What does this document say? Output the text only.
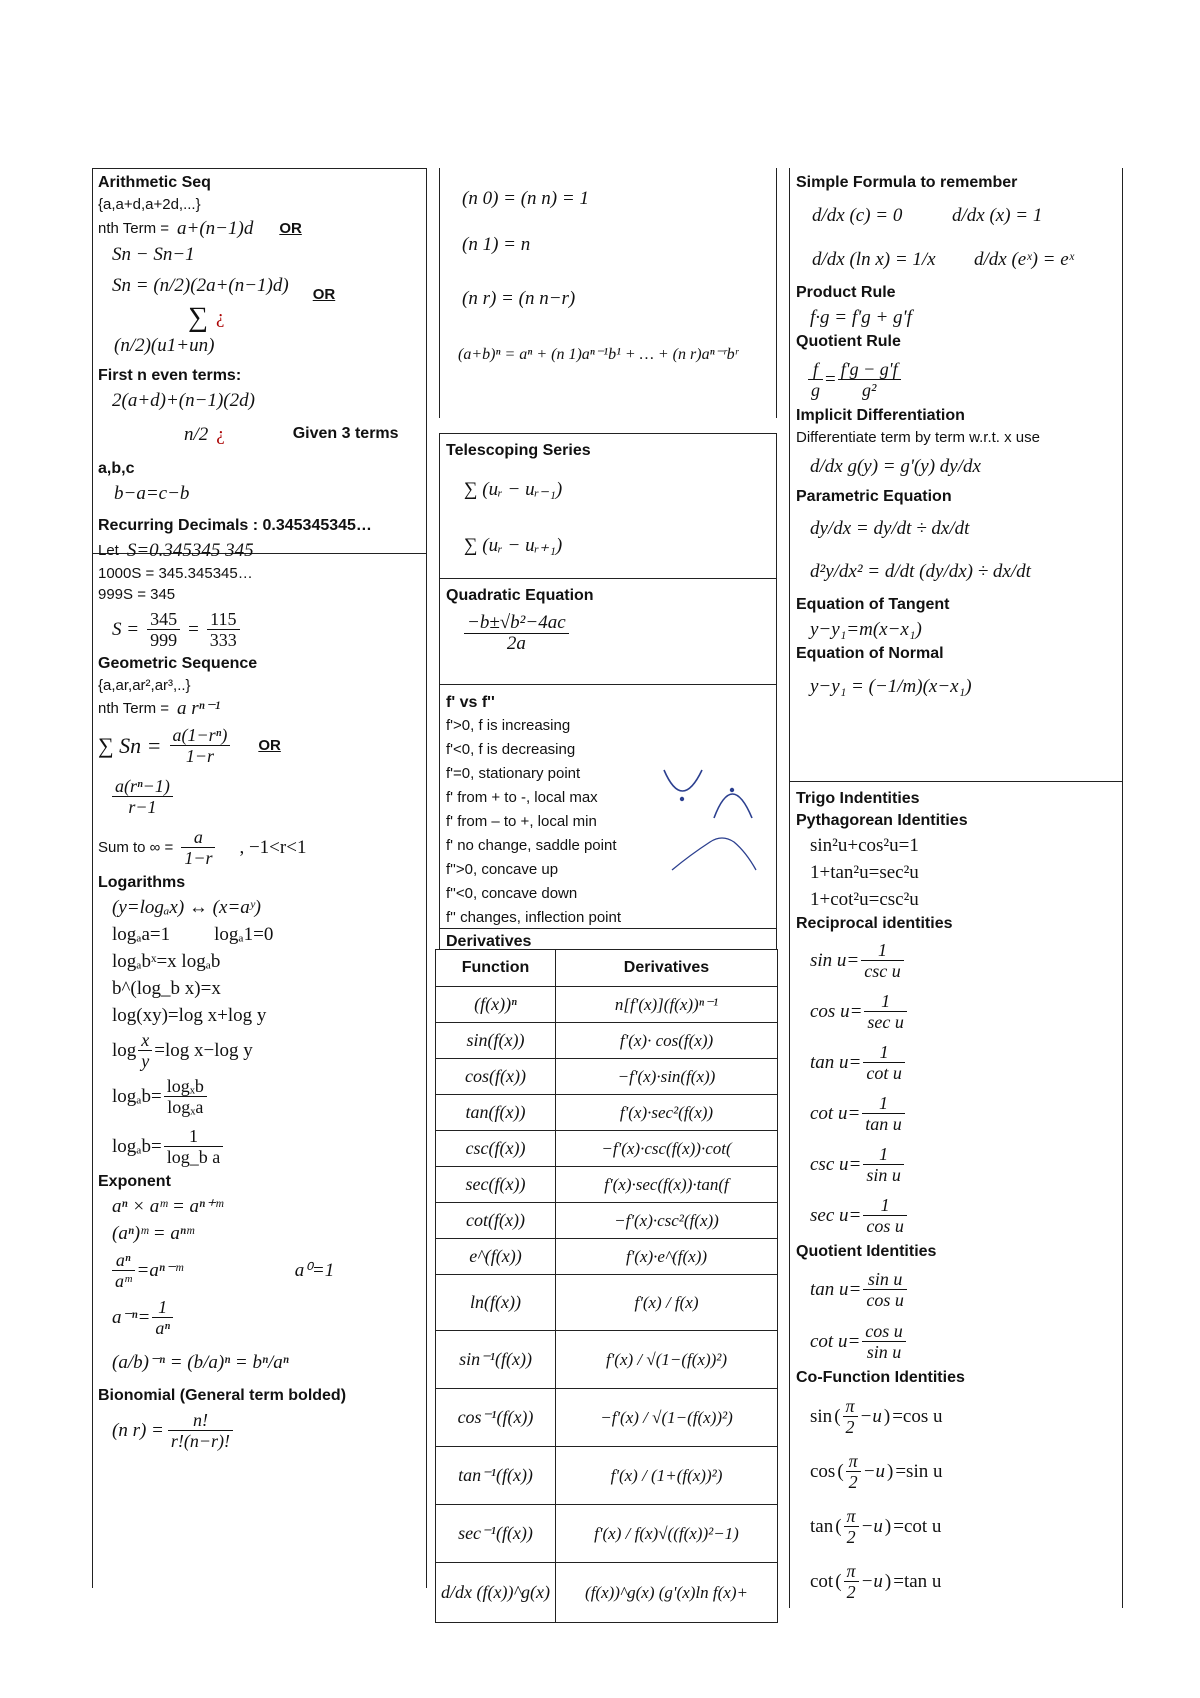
Arithmetic Seq
{a,a+d,a+2d,...}
nth Term = a+(n−1)d OR
Sn − Sn−1
Sn = (n/2)(2a+(n−1)d) OR
∑ ¿
(n/2)(u1+un)
First n even terms:
2(a+d)+(n−1)(2d)
n/2 ¿	Given 3 terms
a,b,c
b−a=c−b
Recurring Decimals : 0.345345345…
Let S=0.345345 34̇5
1000S = 345.345345…
999S = 345
$S = \frac{345}{999} = \frac{115}{333}$
Geometric Sequence
{a,ar,ar²,ar³,..}
nth Term = a rⁿ⁻¹
∑ $Sn = \frac{\text{a(1−rⁿ)}}{1-r}$ OR
$\frac{\text{a(rⁿ−1)}}{r-1}$
Sum to ∞ = $\frac{a}{1-r}$ , −1<r<1
Logarithms
(y=logₐx) ↔ (x=aʸ)
logₐa=1 logₐ1=0
logₐbˣ=x logₐb
b^(log_b x)=x
log(xy)=log x+log y
$\log \frac{x}{y} =\log$ x−log y
$\log_ab= \frac{\text{logₓb}}{\text{logₓa}}$
$\log_ab= \frac{1}{\text{log\_b a}}$
Exponent
aⁿ × aᵐ = aⁿ⁺ᵐ
(aⁿ)ᵐ = aⁿᵐ
$\frac{\text{aⁿ}}{\text{aᵐ}}$ =aⁿ⁻ᵐ	a⁰=1
$a^{-n}= \frac{1}{\text{aⁿ}}$
(a/b)⁻ⁿ = (b/a)ⁿ = bⁿ/aⁿ
Bionomial (General term bolded)
(n $r) = \frac{n!}{r!(n-r)!}$
(n 0) = (n n) = 1
(n 1) = n
(n r) = (n n−r)
(a+b)ⁿ = aⁿ + (n 1)aⁿ⁻¹b¹ + … + (n r)aⁿ⁻ʳbʳ
Telescoping Series
∑ (uᵣ − uᵣ₋₁)
∑ (uᵣ − uᵣ₊₁)
Quadratic Equation
$\frac{\text{−b±√b²−4ac}}{2a}$
f' vs f''
f'>0, f is increasing
f'<0, f is decreasing
f'=0, stationary point
f' from + to -, local max
f' from – to +, local min
f' no change, saddle point
f''>0, concave up
f''<0, concave down
f'' changes, inflection point
Derivatives
Function	Derivatives
(f(x))ⁿ	n[f'(x)](f(x))ⁿ⁻¹
sin(f(x))	f'(x)· cos(f(x))
cos(f(x))	−f'(x)·sin(f(x))
tan(f(x))	f'(x)·sec²(f(x))
csc(f(x))	−f'(x)·csc(f(x))·cot(
sec(f(x))	f'(x)·sec(f(x))·tan(f
cot(f(x))	−f'(x)·csc²(f(x))
e^(f(x))	f'(x)·e^(f(x))
ln(f(x))	f'(x) / f(x)
sin⁻¹(f(x))	f'(x) / √(1−(f(x))²)
cos⁻¹(f(x))	−f'(x) / √(1−(f(x))²)
tan⁻¹(f(x))	f'(x) / (1+(f(x))²)
sec⁻¹(f(x))	f'(x) / f(x)√((f(x))²−1)
d/dx (f(x))^g(x)	(f(x))^g(x) (g'(x)ln f(x)+
Simple Formula to remember
d/dx (c) = 0	d/dx (x) = 1
d/dx (ln x) = 1/x	d/dx (eˣ) = eˣ
Product Rule
f·g = f'g + g'f
Quotient Rule
$\frac{f}{g} = \frac{f'g - g'f}{\text{g²}}$
Implicit Differentiation
Differentiate term by term w.r.t. x use
d/dx g(y) = g'(y) dy/dx
Parametric Equation
dy/dx = dy/dt ÷ dx/dt
d²y/dx² = d/dt (dy/dx) ÷ dx/dt
Equation of Tangent
y−y₁=m(x−x₁)
Equation of Normal
y−y₁ = (−1/m)(x−x₁)
Trigo Indentities
Pythagorean Identities
sin²u+cos²u=1
1+tan²u=sec²u
1+cot²u=csc²u
Reciprocal identities
$\sin u= \frac{1}{\text{csc u}}$
$\cos u= \frac{1}{\text{sec u}}$
$\tan u= \frac{1}{\text{cot u}}$
$\cot u= \frac{1}{\text{tan u}}$
$\csc u= \frac{1}{\text{sin u}}$
$\sec u= \frac{1}{\text{cos u}}$
Quotient Identities
$\tan u= \frac{\text{sin u}}{\text{cos u}}$
$\cot u= \frac{\text{cos u}}{\text{sin u}}$
Co-Function Identities
sin ( $\frac{\pi}{2} -u$ ) =cos u
cos ( $\frac{\pi}{2} -u$ ) =sin u
tan ( $\frac{\pi}{2} -u$ ) =cot u
cot ( $\frac{\pi}{2} -u$ ) =tan u
